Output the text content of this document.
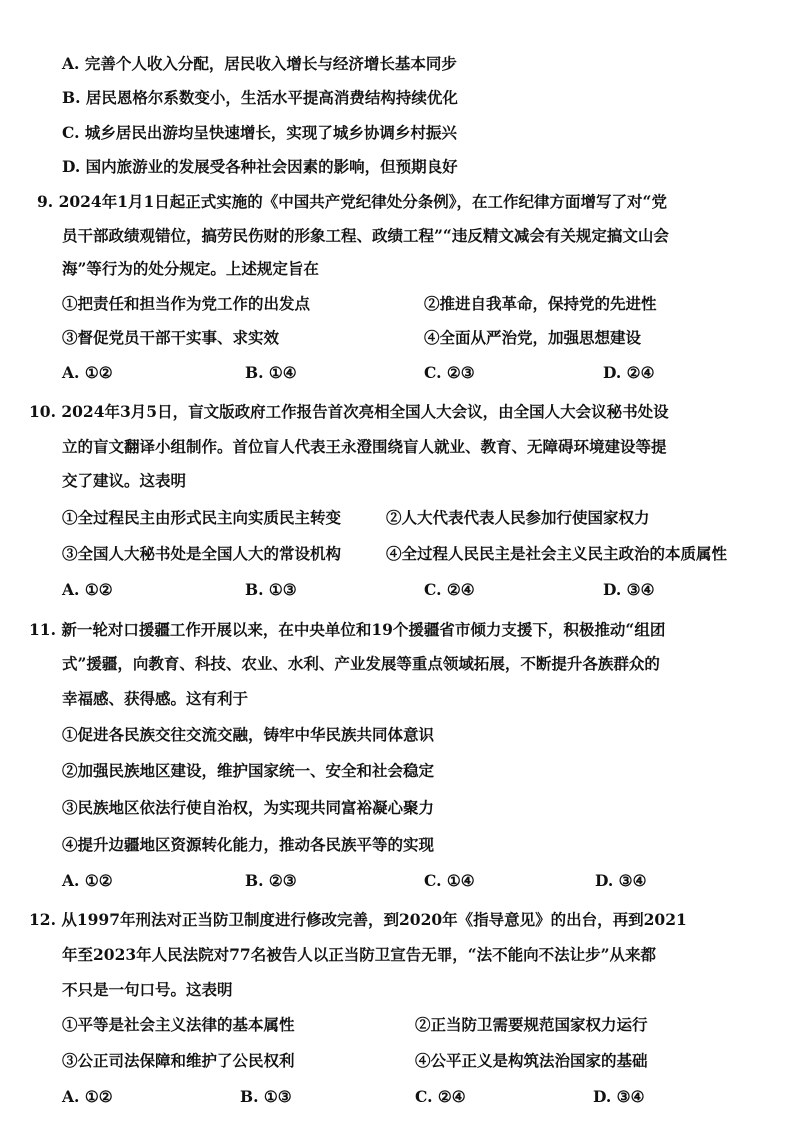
A. 完善个人收入分配，居民收入增长与经济增长基本同步
B. 居民恩格尔系数变小，生活水平提高消费结构持续优化
C. 城乡居民出游均呈快速增长，实现了城乡协调乡村振兴
D. 国内旅游业的发展受各种社会因素的影响，但预期良好
9. 2024年1月1日起正式实施的《中国共产党纪律处分条例》，在工作纪律方面增写了对“党
员干部政绩观错位，搞劳民伤财的形象工程、政绩工程”“违反精文减会有关规定搞文山会
海”等行为的处分规定。上述规定旨在
①把责任和担当作为党工作的出发点	②推进自我革命，保持党的先进性
③督促党员干部干实事、求实效	④全面从严治党，加强思想建设
A. ①②	B. ①④	C. ②③	D. ②④
10. 2024年3月5日，盲文版政府工作报告首次亮相全国人大会议，由全国人大会议秘书处设
立的盲文翻译小组制作。首位盲人代表王永澄围绕盲人就业、教育、无障碍环境建设等提
交了建议。这表明
①全过程民主由形式民主向实质民主转变	②人大代表代表人民参加行使国家权力
③全国人大秘书处是全国人大的常设机构	④全过程人民民主是社会主义民主政治的本质属性
A. ①②	B. ①③	C. ②④	D. ③④
11. 新一轮对口援疆工作开展以来，在中央单位和19个援疆省市倾力支援下，积极推动“组团
式”援疆，向教育、科技、农业、水利、产业发展等重点领域拓展，不断提升各族群众的
幸福感、获得感。这有利于
①促进各民族交往交流交融，铸牢中华民族共同体意识
②加强民族地区建设，维护国家统一、安全和社会稳定
③民族地区依法行使自治权，为实现共同富裕凝心聚力
④提升边疆地区资源转化能力，推动各民族平等的实现
A. ①②	B. ②③	C. ①④	D. ③④
12. 从1997年刑法对正当防卫制度进行修改完善，到2020年《指导意见》的出台，再到2021
年至2023年人民法院对77名被告人以正当防卫宣告无罪，“法不能向不法让步”从来都
不只是一句口号。这表明
①平等是社会主义法律的基本属性	②正当防卫需要规范国家权力运行
③公正司法保障和维护了公民权利	④公平正义是构筑法治国家的基础
A. ①②	B. ①③	C. ②④	D. ③④
